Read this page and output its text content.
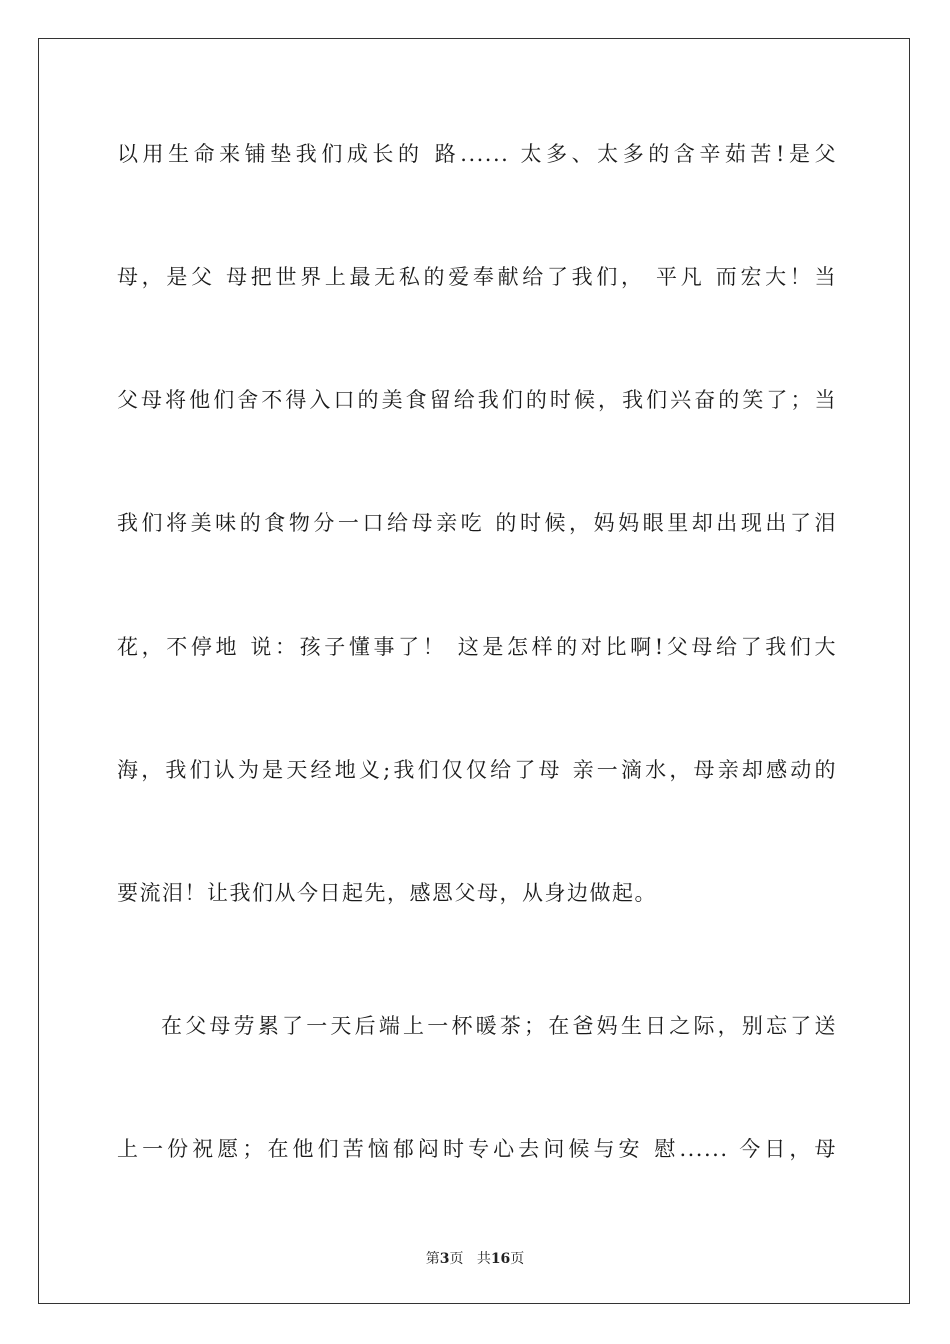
以用生命来铺垫我们成长的 路...... 太多、太多的含辛茹苦!是父
母，是父 母把世界上最无私的爱奉献给了我们， 平凡 而宏大！当
父母将他们舍不得入口的美食留给我们的时候，我们兴奋的笑了；当
我们将美味的食物分一口给母亲吃 的时候，妈妈眼里却出现出了泪
花，不停地 说：孩子懂事了！ 这是怎样的对比啊!父母给了我们大
海，我们认为是天经地义;我们仅仅给了母 亲一滴水，母亲却感动的
要流泪！让我们从今日起先，感恩父母，从身边做起。
在父母劳累了一天后端上一杯暖茶；在爸妈生日之际，别忘了送
上一份祝愿；在他们苦恼郁闷时专心去问候与安 慰...... 今日，母
第3页 共16页
